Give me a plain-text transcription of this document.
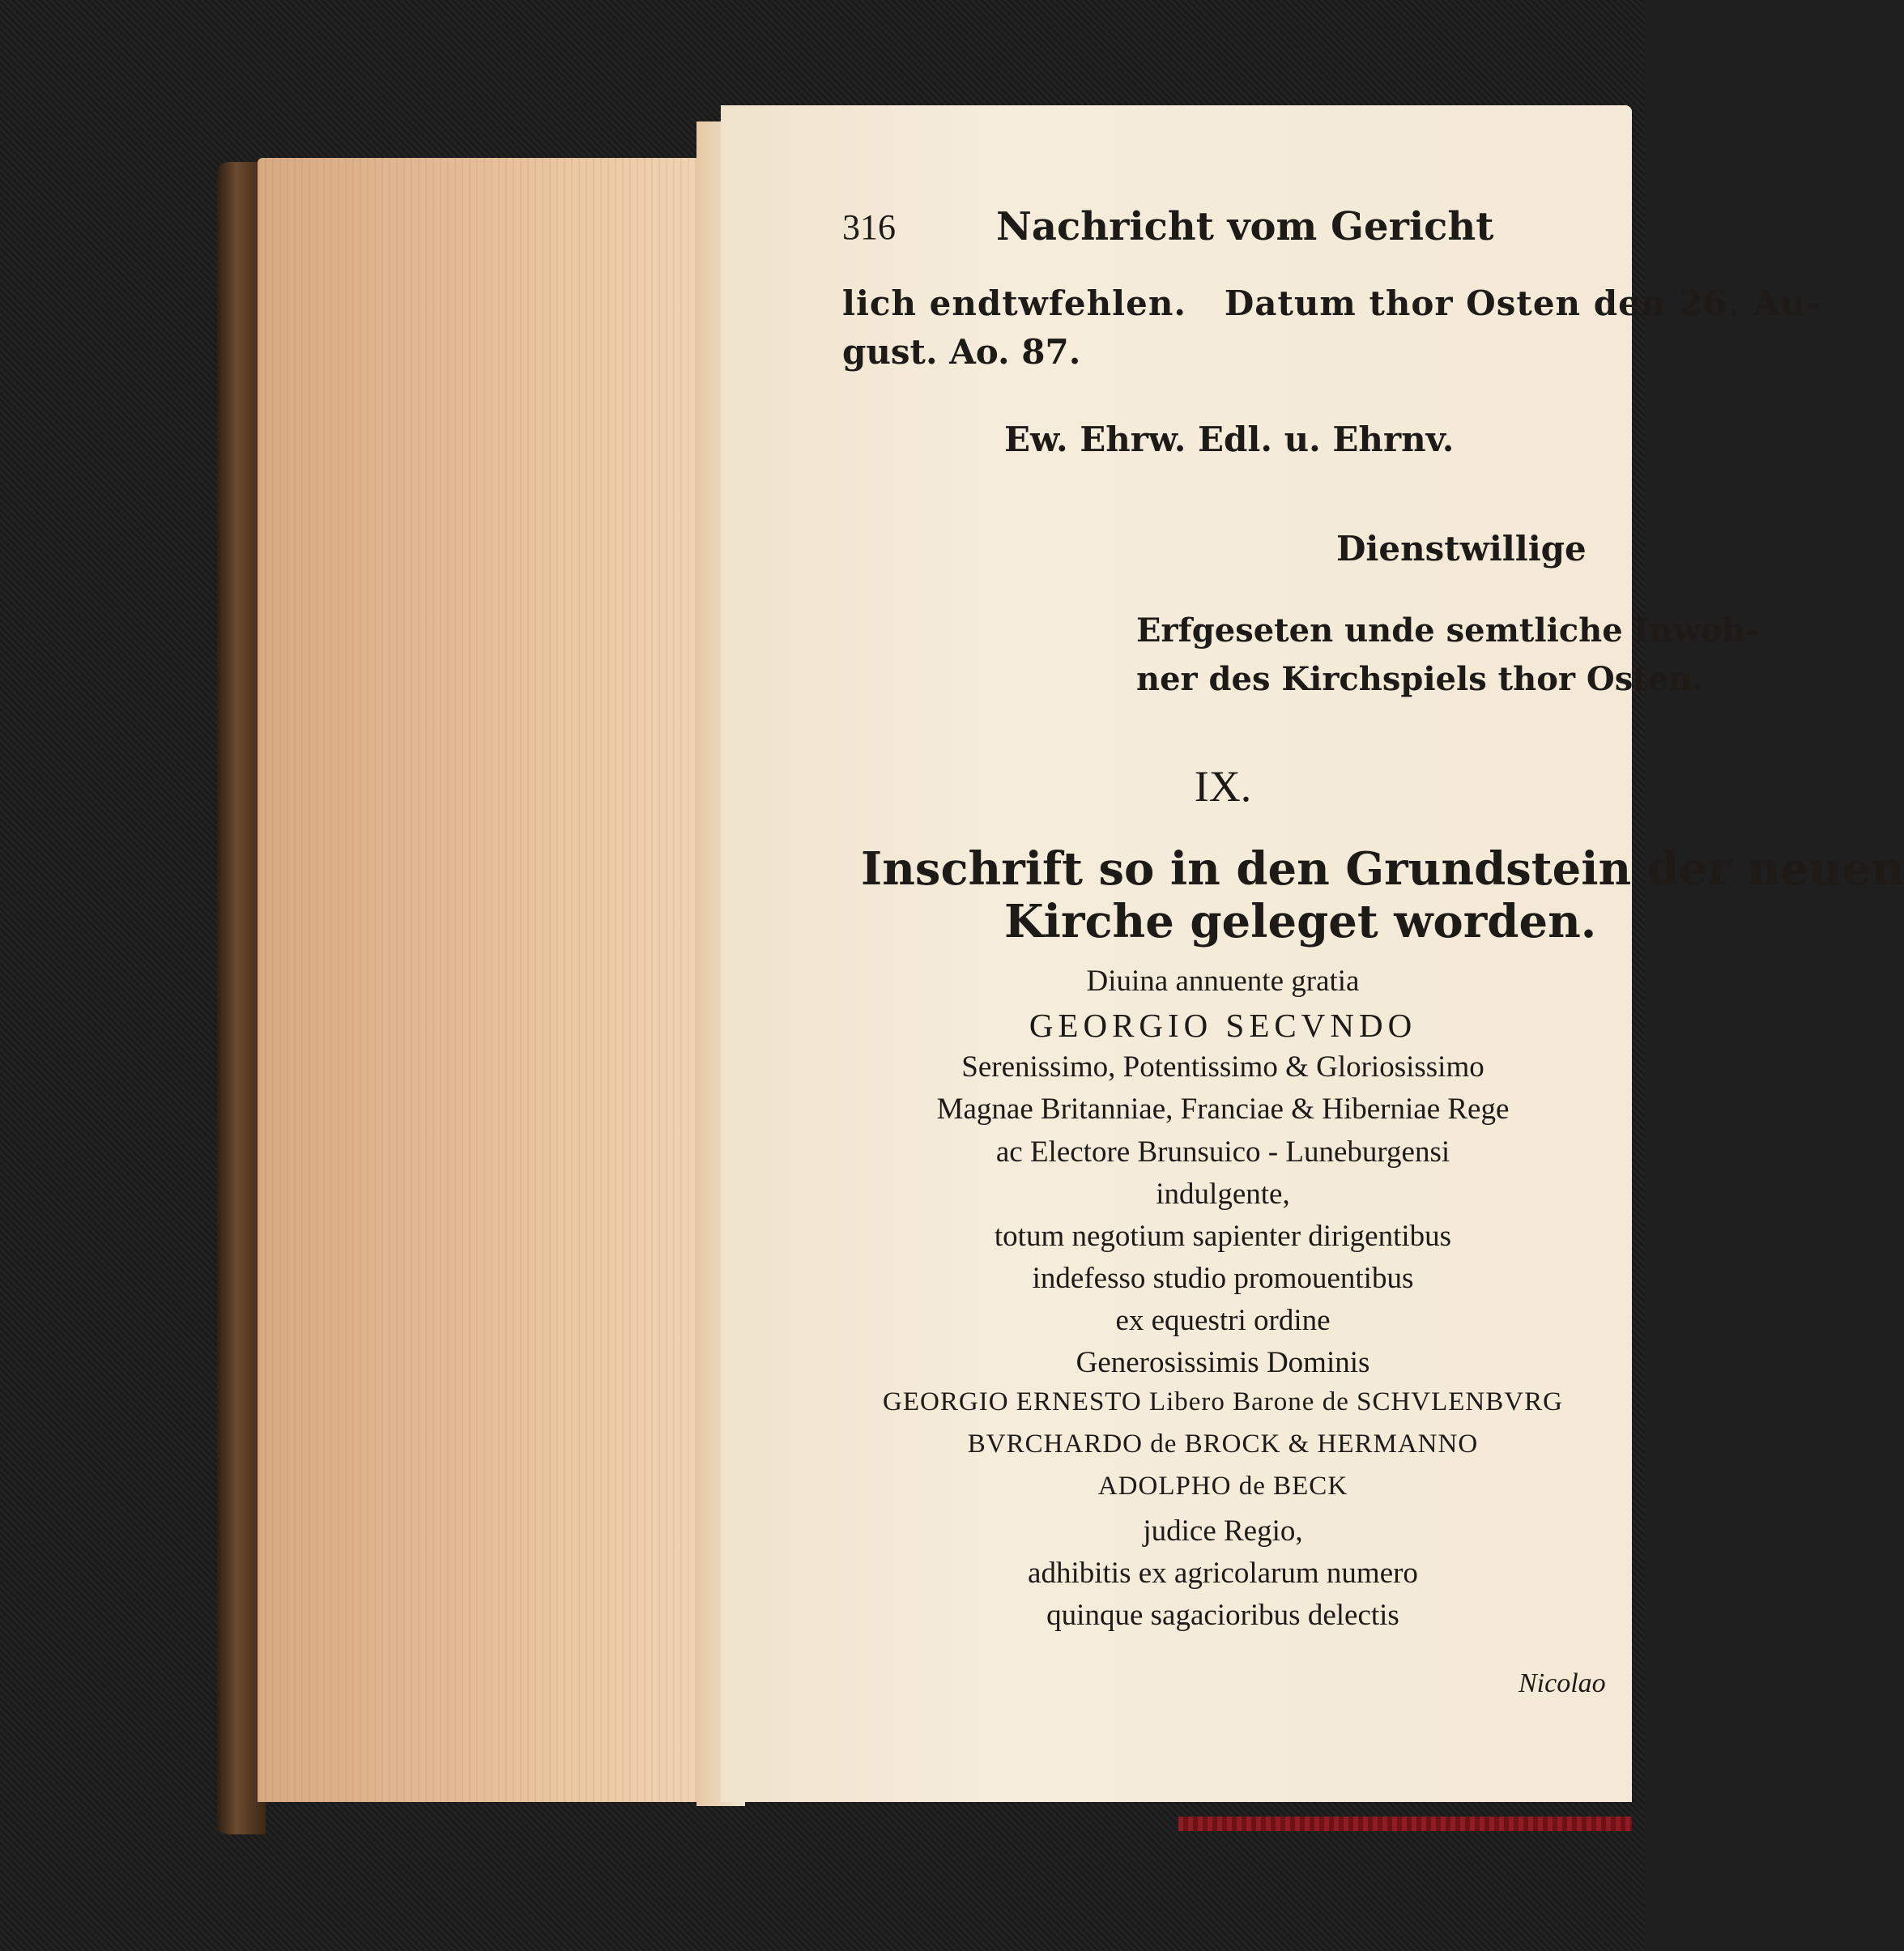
316	Nachricht vom Gericht
lich endtwfehlen.   Datum thor Osten den 26. Au-
gust. Ao. 87.
Ew. Ehrw. Edl. u. Ehrnv.
Dienstwillige
Erfgeseten unde semtliche Inwoh-
ner des Kirchspiels thor Osten.
IX.
Inschrift so in den Grundstein der neuen
Kirche geleget worden.
Diuina annuente gratia
GEORGIO SECVNDO
Serenissimo, Potentissimo & Gloriosissimo
Magnae Britanniae, Franciae & Hiberniae Rege
ac Electore Brunsuico - Luneburgensi
indulgente,
totum negotium sapienter dirigentibus
indefesso studio promouentibus
ex equestri ordine
Generosissimis Dominis
GEORGIO ERNESTO Libero Barone de SCHVLENBVRG
BVRCHARDO de BROCK & HERMANNO
ADOLPHO de BECK
judice Regio,
adhibitis ex agricolarum numero
quinque sagacioribus delectis
Nicolao
